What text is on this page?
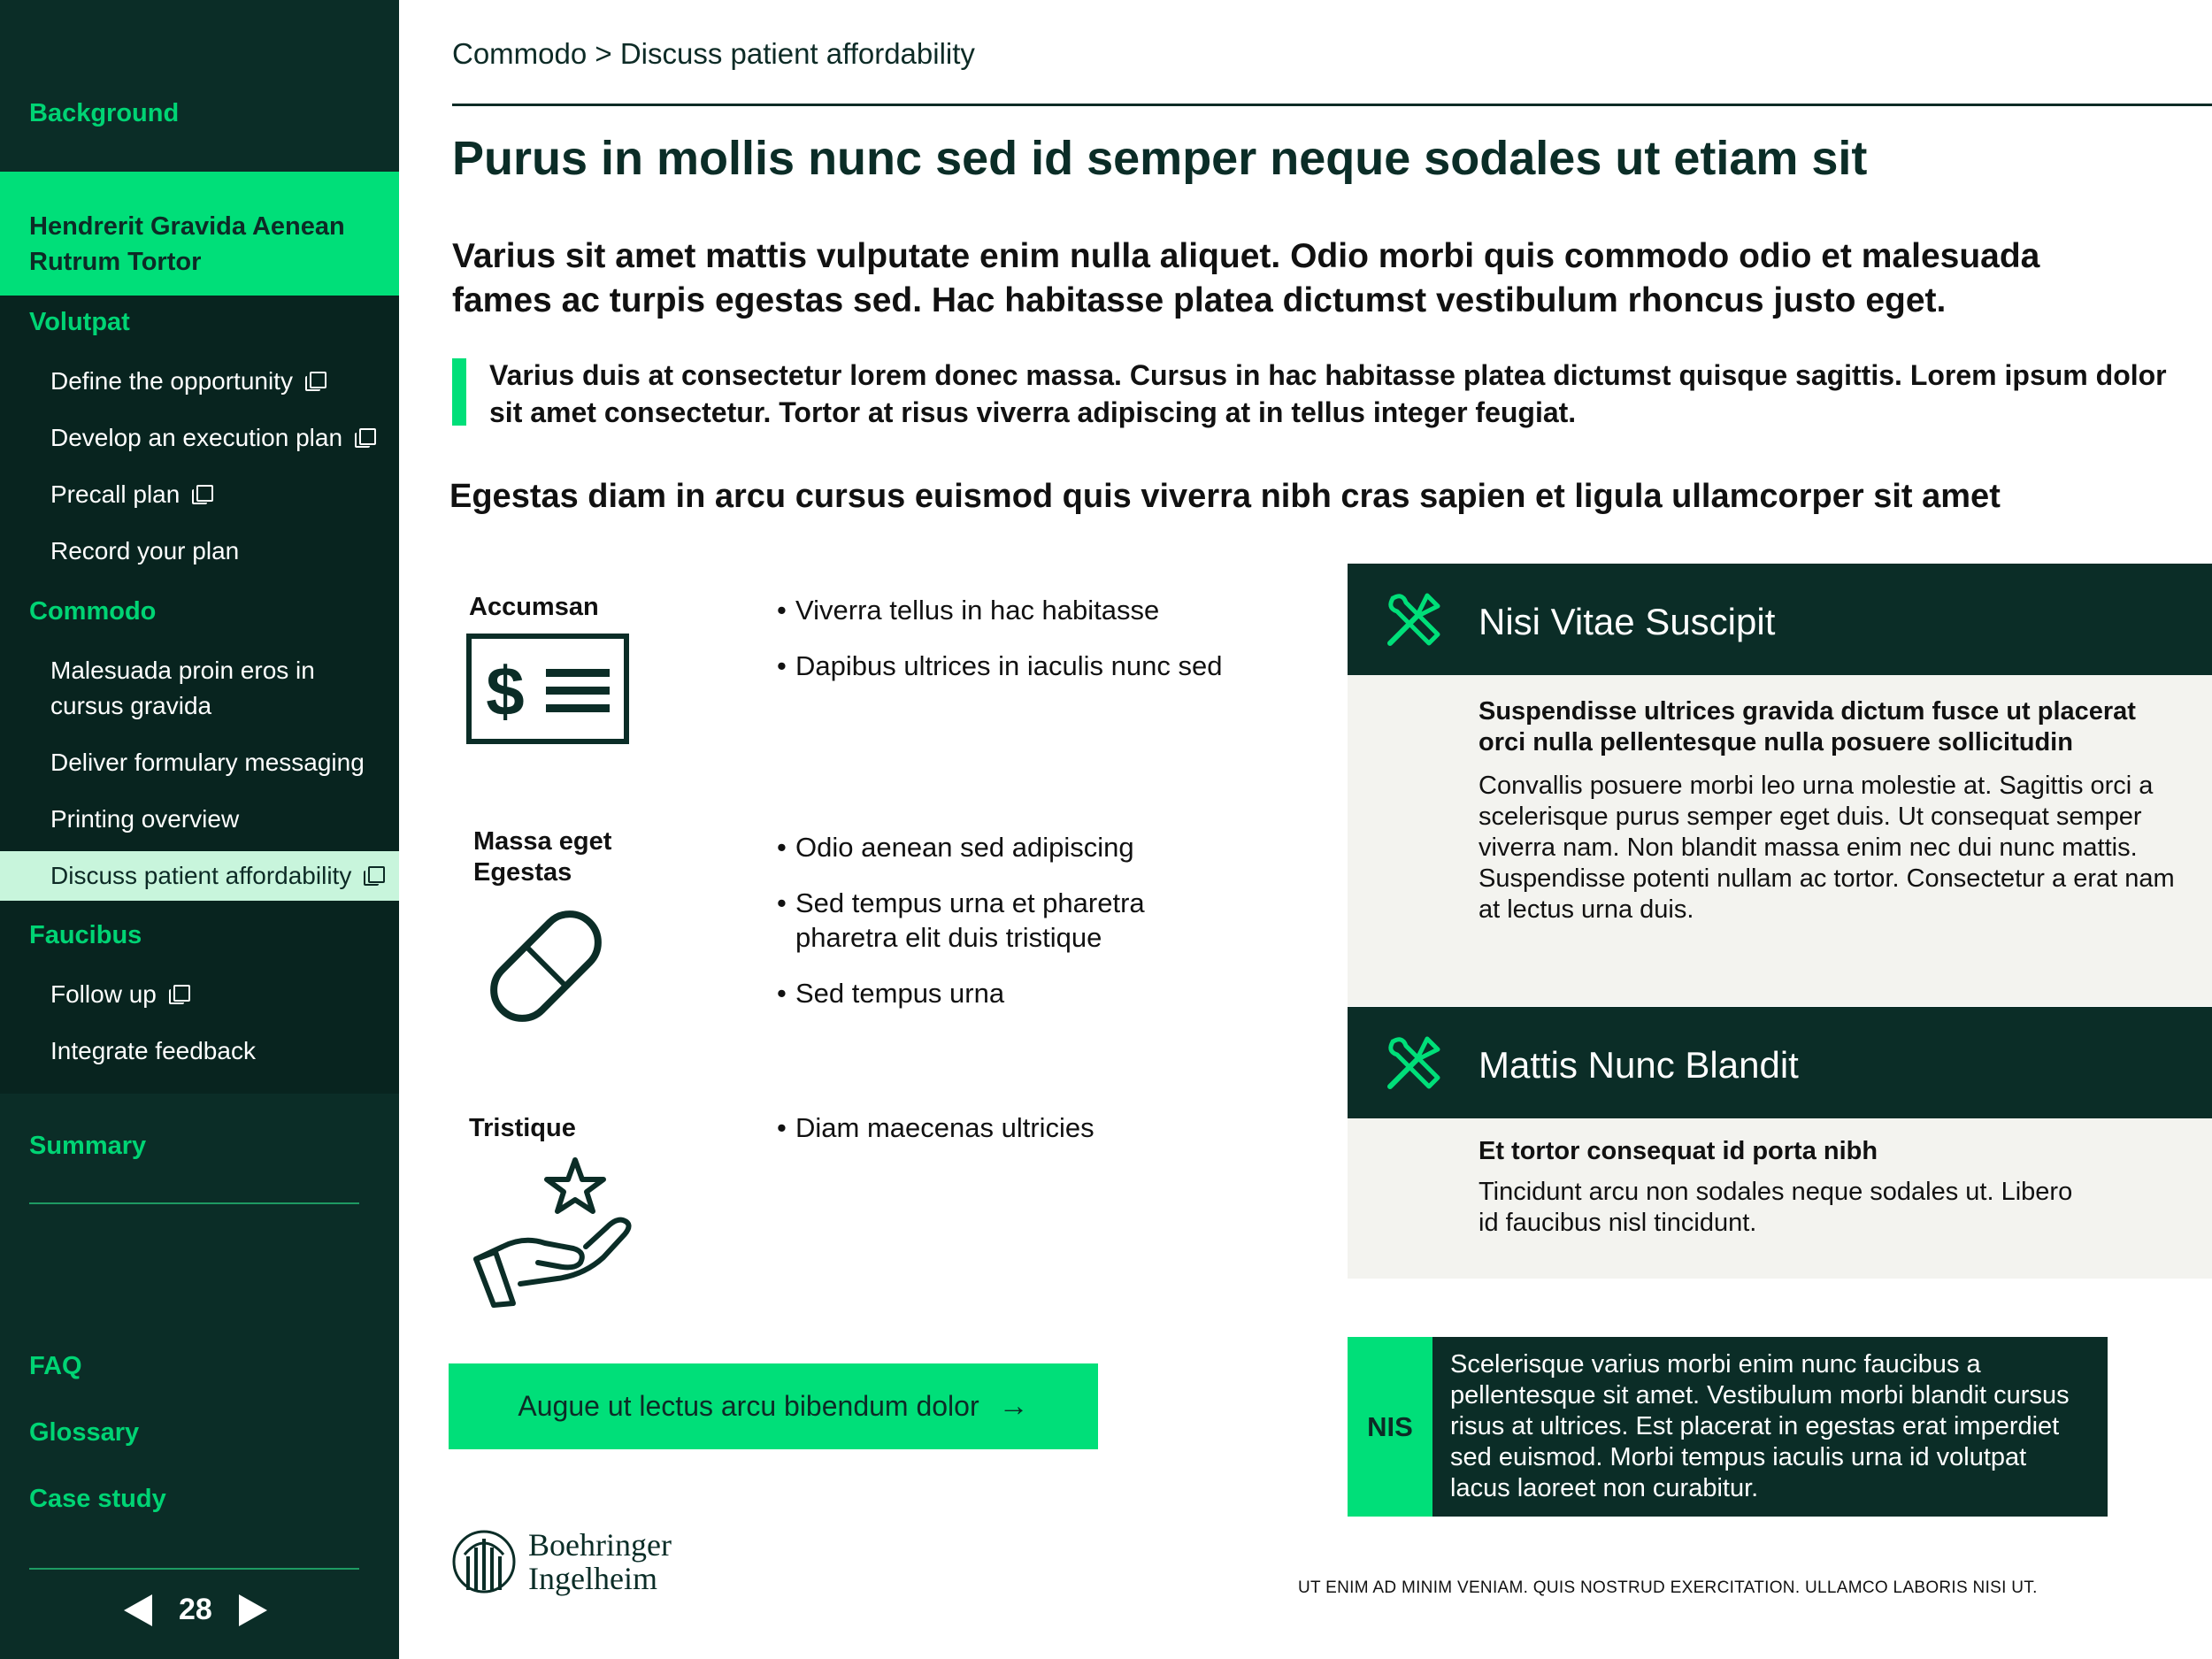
Background
Hendrerit Gravida Aenean Rutrum Tortor
Volutpat
Define the opportunity
Develop an execution plan
Precall plan
Record your plan
Commodo
Malesuada proin eros in cursus gravida
Deliver formulary messaging
Printing overview
Discuss patient affordability
Faucibus
Follow up
Integrate feedback
Summary
FAQ
Glossary
Case study
28
Commodo > Discuss patient affordability
Purus in mollis nunc sed id semper neque sodales ut etiam sit

Varius sit amet mattis vulputate enim nulla aliquet. Odio morbi quis commodo odio et malesuada fames ac turpis egestas sed. Hac habitasse platea dictumst vestibulum rhoncus justo eget.

Varius duis at consectetur lorem donec massa. Cursus in hac habitasse platea dictumst quisque sagittis. Lorem ipsum dolor sit amet consectetur. Tortor at risus viverra adipiscing at in tellus integer feugiat.

Egestas diam in arcu cursus euismod quis viverra nibh cras sapien et ligula ullamcorper sit amet
Accumsan
$
• Viverra tellus in hac habitasse
• Dapibus ultrices in iaculis nunc sed
Massa eget Egestas
• Odio aenean sed adipiscing
• Sed tempus urna et pharetra pharetra elit duis tristique
• Sed tempus urna
Tristique
•	Diam maecenas ultricies
Augue ut lectus arcu bibendum dolor →
Nisi Vitae Suscipit
Suspendisse ultrices gravida dictum fusce ut placerat orci nulla pellentesque nulla posuere sollicitudin
Convallis posuere morbi leo urna molestie at. Sagittis orci a scelerisque purus semper eget duis. Ut consequat semper viverra nam. Non blandit massa enim nec dui nunc mattis. Suspendisse potenti nullam ac tortor. Consectetur a erat nam at lectus urna duis.
Mattis Nunc Blandit
Et tortor consequat id porta nibh
Tincidunt arcu non sodales neque sodales ut. Libero id faucibus nisl tincidunt.
NIS
Scelerisque varius morbi enim nunc faucibus a pellentesque sit amet. Vestibulum morbi blandit cursus risus at ultrices. Est placerat in egestas erat imperdiet sed euismod. Morbi tempus iaculis urna id volutpat lacus laoreet non curabitur.
Boehringer
Ingelheim	UT ENIM AD MINIM VENIAM. QUIS NOSTRUD EXERCITATION. ULLAMCO LABORIS NISI UT.
